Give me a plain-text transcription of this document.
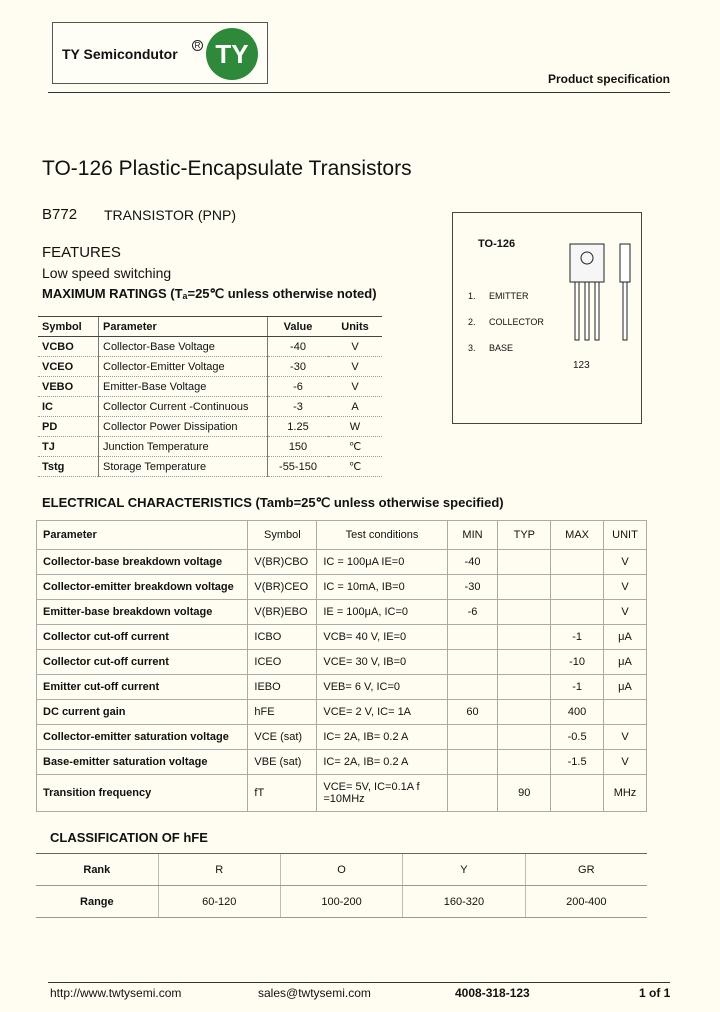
TY Semicondutor
R TY
Product specification
TO-126 Plastic-Encapsulate Transistors
B772 TRANSISTOR (PNP)
FEATURES
Low speed switching
MAXIMUM RATINGS (Tₐ=25℃ unless otherwise noted)
Symbol	Parameter	Value	Units
VCBO	Collector-Base Voltage	-40	V
VCEO	Collector-Emitter Voltage	-30	V
VEBO	Emitter-Base Voltage	-6	V
IC	Collector Current -Continuous	-3	A
PD	Collector Power Dissipation	1.25	W
TJ	Junction Temperature	150	℃
Tstg	Storage Temperature	-55-150	℃
TO-126
1. EMITTER
2. COLLECTOR
3. BASE
123
ELECTRICAL CHARACTERISTICS (Tamb=25℃ unless otherwise specified)
Parameter	Symbol	Test conditions	MIN	TYP	MAX	UNIT
Collector-base breakdown voltage	V(BR)CBO	IC = 100μA IE=0	-40			V
Collector-emitter breakdown voltage	V(BR)CEO	IC = 10mA, IB=0	-30			V
Emitter-base breakdown voltage	V(BR)EBO	IE = 100μA, IC=0	-6			V
Collector cut-off current	ICBO	VCB= 40 V, IE=0			-1	μA
Collector cut-off current	ICEO	VCE= 30 V, IB=0			-10	μA
Emitter cut-off current	IEBO	VEB= 6 V, IC=0			-1	μA
DC current gain	hFE	VCE= 2 V, IC= 1A	60		400	
Collector-emitter saturation voltage	VCE (sat)	IC= 2A, IB= 0.2 A			-0.5	V
Base-emitter saturation voltage	VBE (sat)	IC= 2A, IB= 0.2 A			-1.5	V
Transition frequency	fT	VCE= 5V, IC=0.1A f =10MHz		90		MHz
CLASSIFICATION OF hFE
Rank	R	O	Y	GR
Range	60-120	100-200	160-320	200-400
http://www.twtysemi.com	sales@twtysemi.com	4008-318-123	1 of 1
